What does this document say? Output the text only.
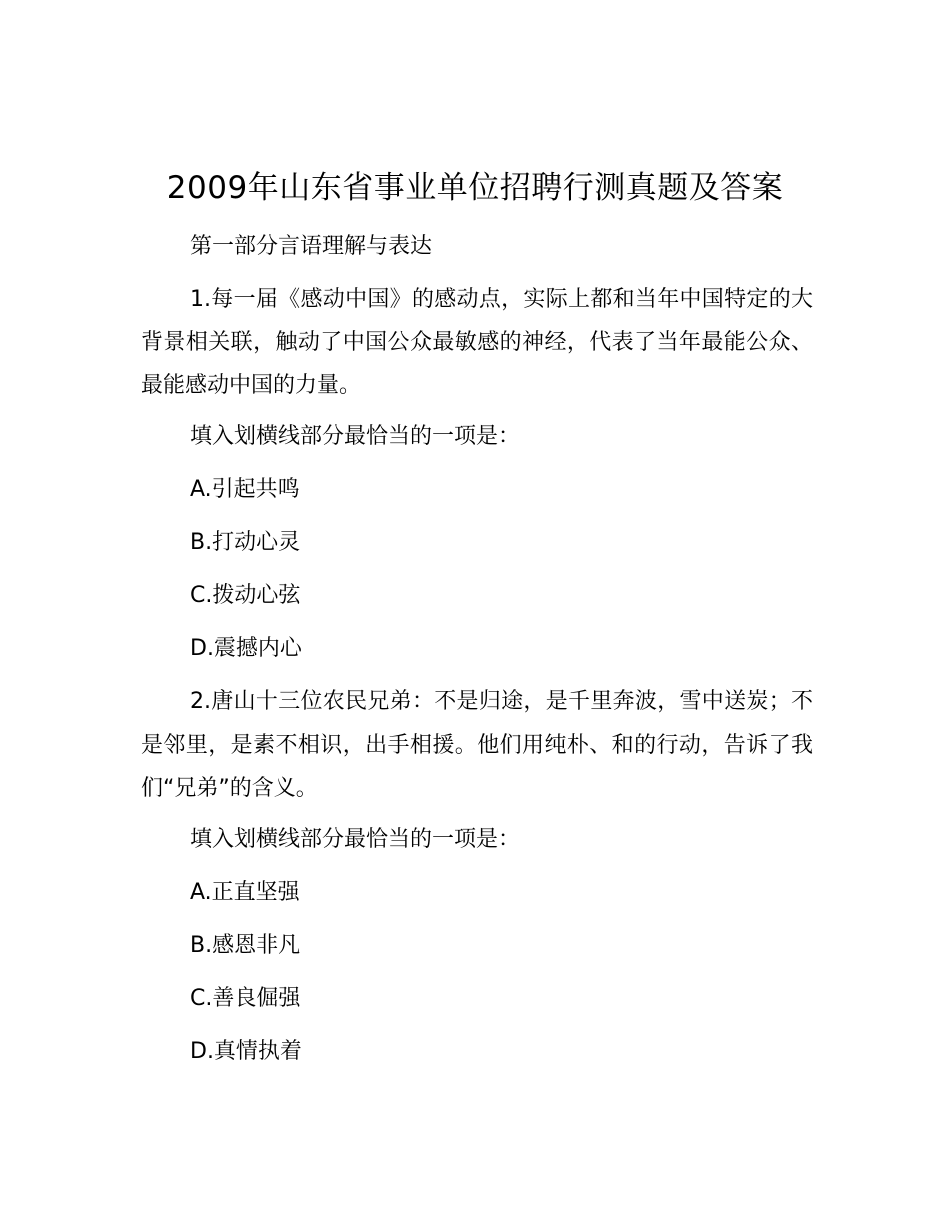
2009年山东省事业单位招聘行测真题及答案

第一部分言语理解与表达

1.每一届《感动中国》的感动点，实际上都和当年中国特定的大背景相关联，触动了中国公众最敏感的神经，代表了当年最能公众、最能感动中国的力量。

填入划横线部分最恰当的一项是：

A.引起共鸣

B.打动心灵

C.拨动心弦

D.震撼内心

2.唐山十三位农民兄弟：不是归途，是千里奔波，雪中送炭；不是邻里，是素不相识，出手相援。他们用纯朴、和的行动，告诉了我们“兄弟”的含义。

填入划横线部分最恰当的一项是：

A.正直坚强

B.感恩非凡

C.善良倔强

D.真情执着
